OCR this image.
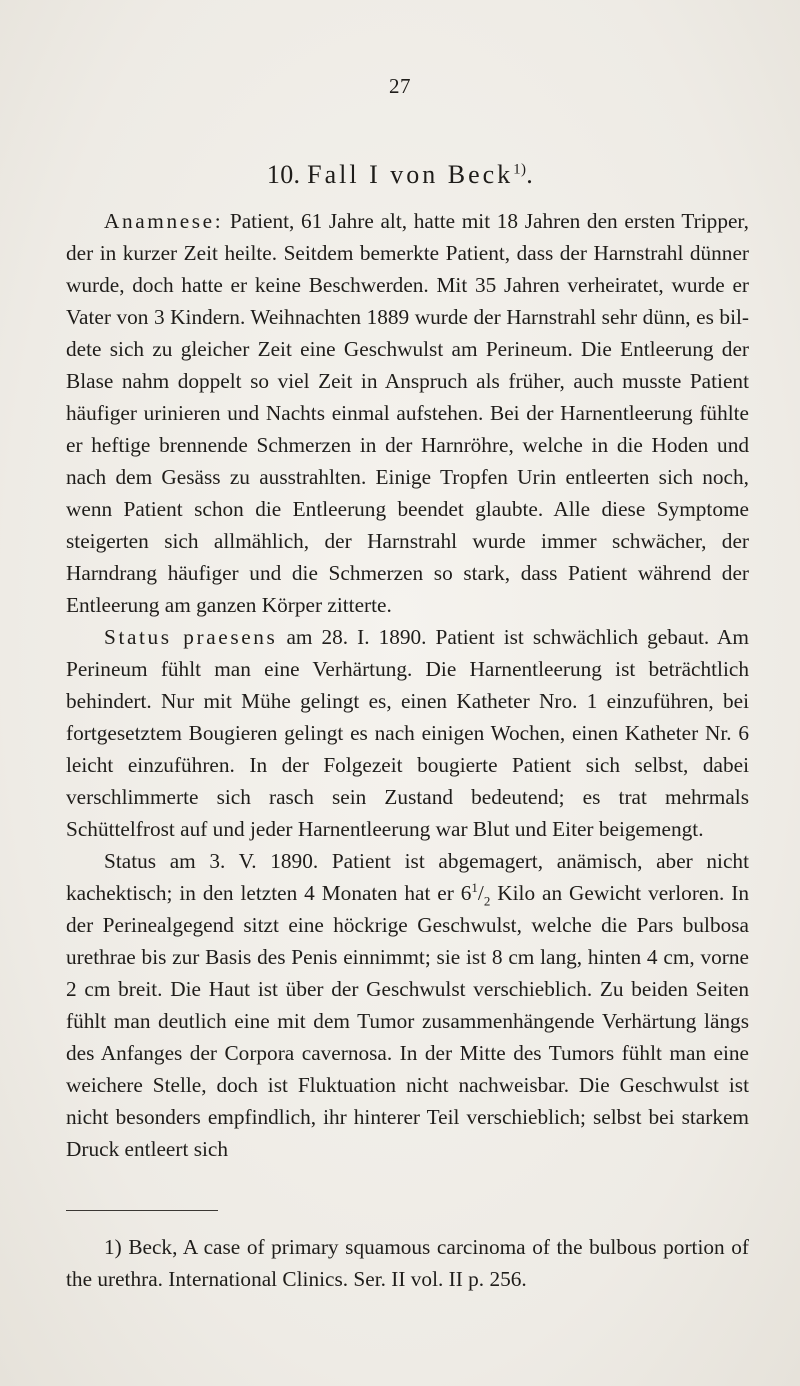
27
10. Fall I von Beck$^{1)}$.

Anamnese: Patient, 61 Jahre alt, hatte mit 18 Jahren den ersten Tripper, der in kurzer Zeit heilte. Seitdem bemerkte Patient, dass der Harnstrahl dünner wurde, doch hatte er keine Beschwerden. Mit 35 Jahren verheiratet, wurde er Vater von 3 Kindern. Weihnachten 1889 wurde der Harnstrahl sehr dünn, es bildete sich zu gleicher Zeit eine Geschwulst am Perineum. Die Entleerung der Blase nahm doppelt so viel Zeit in Anspruch als früher, auch musste Patient häufiger urinieren und Nachts einmal aufstehen. Bei der Harnentleerung fühlte er heftige brennende Schmerzen in der Harnröhre, welche in die Hoden und nach dem Gesäss zu ausstrahlten. Einige Tropfen Urin entleerten sich noch, wenn Patient schon die Entleerung beendet glaubte. Alle diese Symptome steigerten sich allmählich, der Harnstrahl wurde immer schwächer, der Harndrang häufiger und die Schmerzen so stark, dass Patient während der Entleerung am ganzen Körper zitterte.

Status praesens am 28. I. 1890. Patient ist schwächlich gebaut. Am Perineum fühlt man eine Verhärtung. Die Harnentleerung ist beträchtlich behindert. Nur mit Mühe gelingt es, einen Katheter Nro. 1 einzuführen, bei fortgesetztem Bougieren gelingt es nach einigen Wochen, einen Katheter Nr. 6 leicht einzuführen. In der Folgezeit bougierte Patient sich selbst, dabei verschlimmerte sich rasch sein Zustand bedeutend; es trat mehrmals Schüttelfrost auf und jeder Harnentleerung war Blut und Eiter beigemengt.

Status am 3. V. 1890. Patient ist abgemagert, anämisch, aber nicht kachektisch; in den letzten 4 Monaten hat er $6^1/_2$ Kilo an Gewicht verloren. In der Perinealgegend sitzt eine höckrige Geschwulst, welche die Pars bulbosa urethrae bis zur Basis des Penis einnimmt; sie ist 8 cm lang, hinten 4 cm, vorne 2 cm breit. Die Haut ist über der Geschwulst verschieblich. Zu beiden Seiten fühlt man deutlich eine mit dem Tumor zusammenhängende Verhärtung längs des Anfanges der Corpora cavernosa. In der Mitte des Tumors fühlt man eine weichere Stelle, doch ist Fluktuation nicht nachweisbar. Die Geschwulst ist nicht besonders empfindlich, ihr hinterer Teil verschieblich; selbst bei starkem Druck entleert sich

1) Beck, A case of primary squamous carcinoma of the bulbous portion of the urethra. International Clinics. Ser. II vol. II p. 256.
